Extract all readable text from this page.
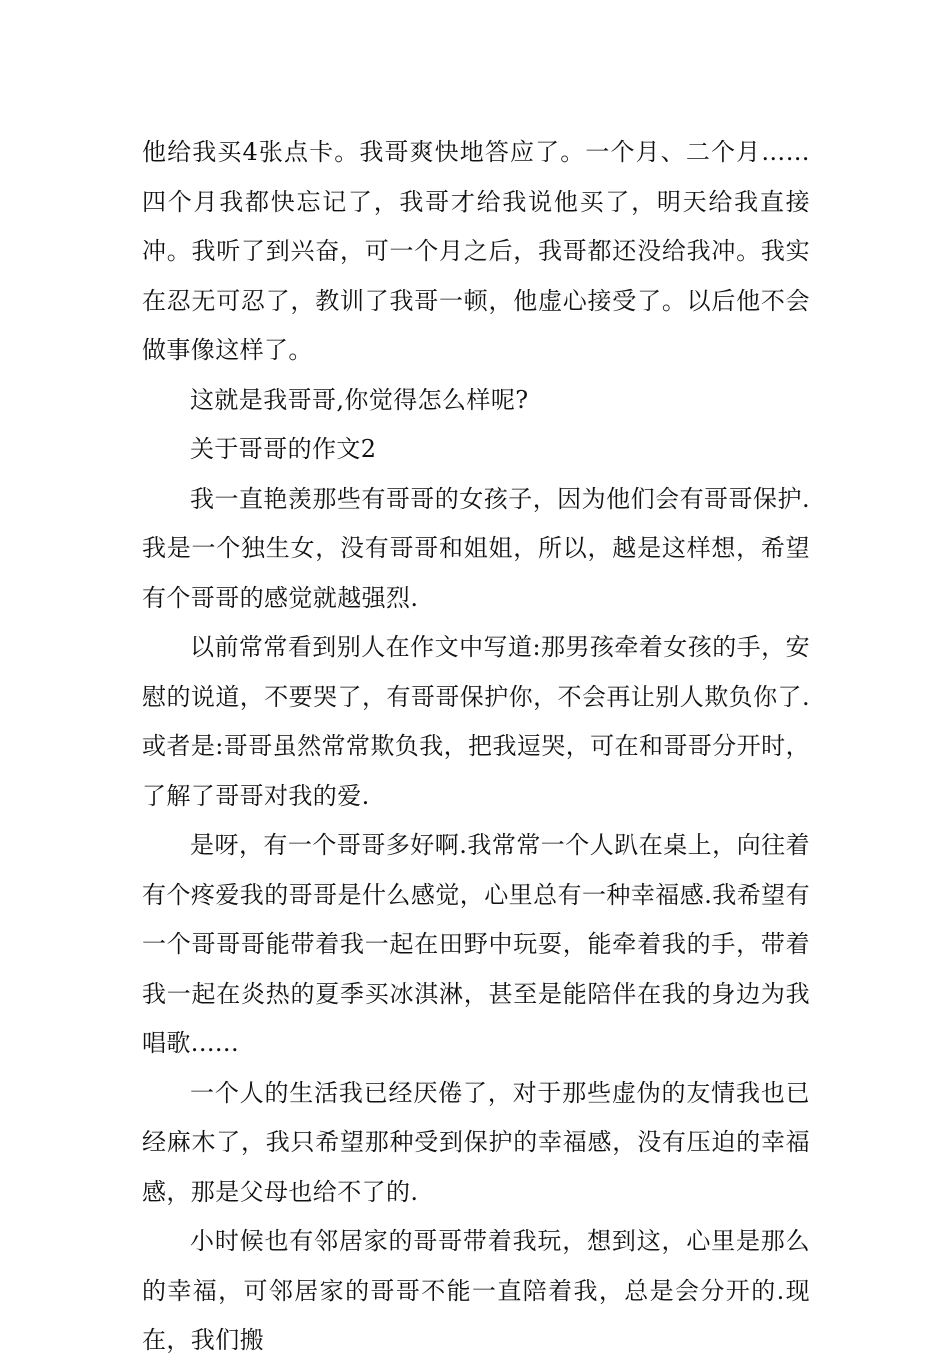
他给我买4张点卡。我哥爽快地答应了。一个月、二个月……四个月我都快忘记了，我哥才给我说他买了，明天给我直接冲。我听了到兴奋，可一个月之后，我哥都还没给我冲。我实在忍无可忍了，教训了我哥一顿，他虚心接受了。以后他不会做事像这样了。

这就是我哥哥,你觉得怎么样呢?

关于哥哥的作文2

我一直艳羡那些有哥哥的女孩子，因为他们会有哥哥保护.我是一个独生女，没有哥哥和姐姐，所以，越是这样想，希望有个哥哥的感觉就越强烈.

以前常常看到别人在作文中写道:那男孩牵着女孩的手，安慰的说道，不要哭了，有哥哥保护你，不会再让别人欺负你了.或者是:哥哥虽然常常欺负我，把我逗哭，可在和哥哥分开时，了解了哥哥对我的爱.

是呀，有一个哥哥多好啊.我常常一个人趴在桌上，向往着有个疼爱我的哥哥是什么感觉，心里总有一种幸福感.我希望有一个哥哥哥能带着我一起在田野中玩耍，能牵着我的手，带着我一起在炎热的夏季买冰淇淋，甚至是能陪伴在我的身边为我唱歌......

一个人的生活我已经厌倦了，对于那些虚伪的友情我也已经麻木了，我只希望那种受到保护的幸福感，没有压迫的幸福感，那是父母也给不了的.

小时候也有邻居家的哥哥带着我玩，想到这，心里是那么的幸福，可邻居家的哥哥不能一直陪着我，总是会分开的.现在，我们搬
